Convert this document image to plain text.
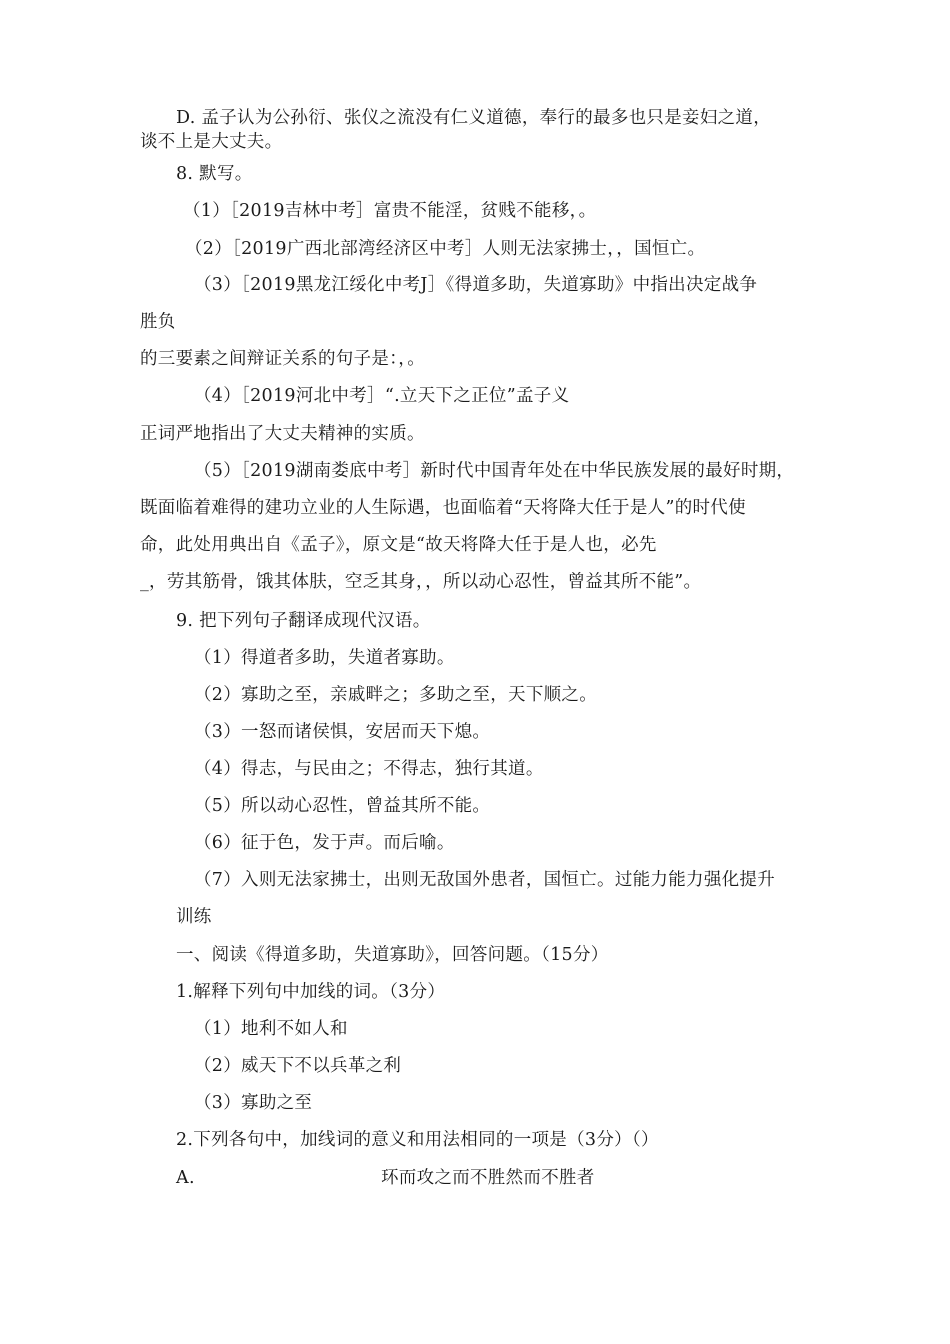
D. 孟子认为公孙衍、张仪之流没有仁义道德，奉行的最多也只是妾妇之道，
谈不上是大丈夫。
8. 默写。
（1）［2019吉林中考］富贵不能淫，贫贱不能移，。
（2）［2019广西北部湾经济区中考］人则无法家拂士，，国恒亡。
（3）［2019黑龙江绥化中考J］《得道多助，失道寡助》中指出决定战争
胜负
的三要素之间辩证关系的句子是：，。
（4）［2019河北中考］“.立天下之正位”孟子义
正词严地指出了大丈夫精神的实质。
（5）［2019湖南娄底中考］新时代中国青年处在中华民族发展的最好时期，
既面临着难得的建功立业的人生际遇，也面临着“天将降大任于是人”的时代使
命，此处用典出自《孟子》，原文是“故天将降大任于是人也，必先
_，劳其筋骨，饿其体肤，空乏其身，，所以动心忍性，曾益其所不能”。
9. 把下列句子翻译成现代汉语。
（1）得道者多助，失道者寡助。
（2）寡助之至，亲戚畔之；多助之至，天下顺之。
（3）一怒而诸侯惧，安居而天下熄。
（4）得志，与民由之；不得志，独行其道。
（5）所以动心忍性，曾益其所不能。
（6）征于色，发于声。而后喻。
（7）入则无法家拂士，出则无敌国外患者，国恒亡。过能力能力强化提升
训练
一、阅读《得道多助，失道寡助》，回答问题。（15分）
1.解释下列句中加线的词。（3分）
（1）地利不如人和
（2）威天下不以兵革之利
（3）寡助之至
2.下列各句中，加线词的意义和用法相同的一项是（3分）（）
A.	环而攻之而不胜然而不胜者
